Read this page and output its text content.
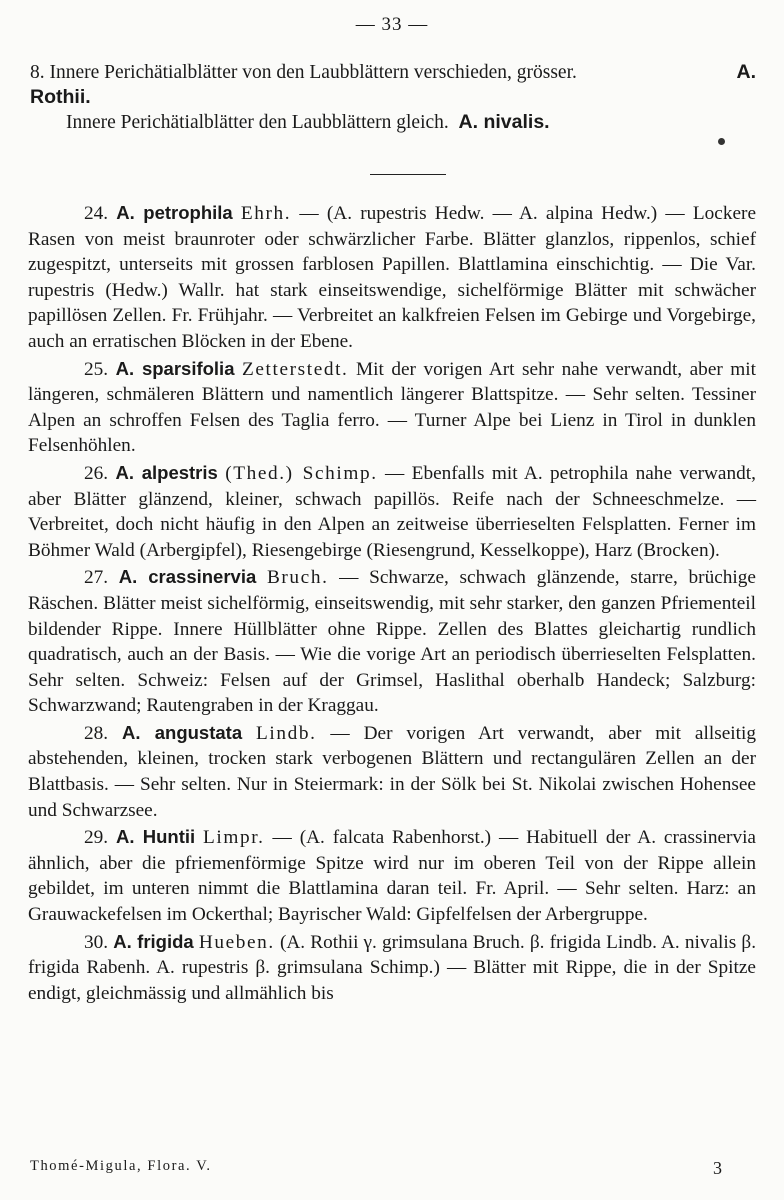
— 33 —
8. Innere Perichätialblätter von den Laubblättern verschieden, grösser.	A.
Rothii.
Innere Perichätialblätter den Laubblättern gleich. A. nivalis.

24. A. petrophila Ehrh. — (A. rupestris Hedw. — A. alpina Hedw.) — Lockere Rasen von meist braunroter oder schwärzlicher Farbe. Blätter glanzlos, rippenlos, schief zugespitzt, unterseits mit grossen farblosen Papillen. Blattlamina einschichtig. — Die Var. rupestris (Hedw.) Wallr. hat stark einseitswendige, sichelförmige Blätter mit schwächer papillösen Zellen. Fr. Frühjahr. — Verbreitet an kalkfreien Felsen im Gebirge und Vorgebirge, auch an erratischen Blöcken in der Ebene.

25. A. sparsifolia Zetterstedt. Mit der vorigen Art sehr nahe verwandt, aber mit längeren, schmäleren Blättern und namentlich längerer Blattspitze. — Sehr selten. Tessiner Alpen an schroffen Felsen des Taglia ferro. — Turner Alpe bei Lienz in Tirol in dunklen Felsenhöhlen.

26. A. alpestris (Thed.) Schimp. — Ebenfalls mit A. petrophila nahe verwandt, aber Blätter glänzend, kleiner, schwach papillös. Reife nach der Schneeschmelze. — Verbreitet, doch nicht häufig in den Alpen an zeitweise überrieselten Felsplatten. Ferner im Böhmer Wald (Arbergipfel), Riesengebirge (Riesengrund, Kesselkoppe), Harz (Brocken).

27. A. crassinervia Bruch. — Schwarze, schwach glänzende, starre, brüchige Räschen. Blätter meist sichelförmig, einseitswendig, mit sehr starker, den ganzen Pfriementeil bildender Rippe. Innere Hüllblätter ohne Rippe. Zellen des Blattes gleichartig rundlich quadratisch, auch an der Basis. — Wie die vorige Art an periodisch überrieselten Felsplatten. Sehr selten. Schweiz: Felsen auf der Grimsel, Haslithal oberhalb Handeck; Salzburg: Schwarzwand; Rautengraben in der Kraggau.

28. A. angustata Lindb. — Der vorigen Art verwandt, aber mit allseitig abstehenden, kleinen, trocken stark verbogenen Blättern und rectangulären Zellen an der Blattbasis. — Sehr selten. Nur in Steiermark: in der Sölk bei St. Nikolai zwischen Hohensee und Schwarzsee.

29. A. Huntii Limpr. — (A. falcata Rabenhorst.) — Habituell der A. crassinervia ähnlich, aber die pfriemenförmige Spitze wird nur im oberen Teil von der Rippe allein gebildet, im unteren nimmt die Blattlamina daran teil. Fr. April. — Sehr selten. Harz: an Grauwackefelsen im Ockerthal; Bayrischer Wald: Gipfelfelsen der Arbergruppe.

30. A. frigida Hueben. (A. Rothii γ. grimsulana Bruch. β. frigida Lindb. A. nivalis β. frigida Rabenh. A. rupestris β. grimsulana Schimp.) — Blätter mit Rippe, die in der Spitze endigt, gleichmässig und allmählich bis

Thomé-Migula, Flora. V.	3
